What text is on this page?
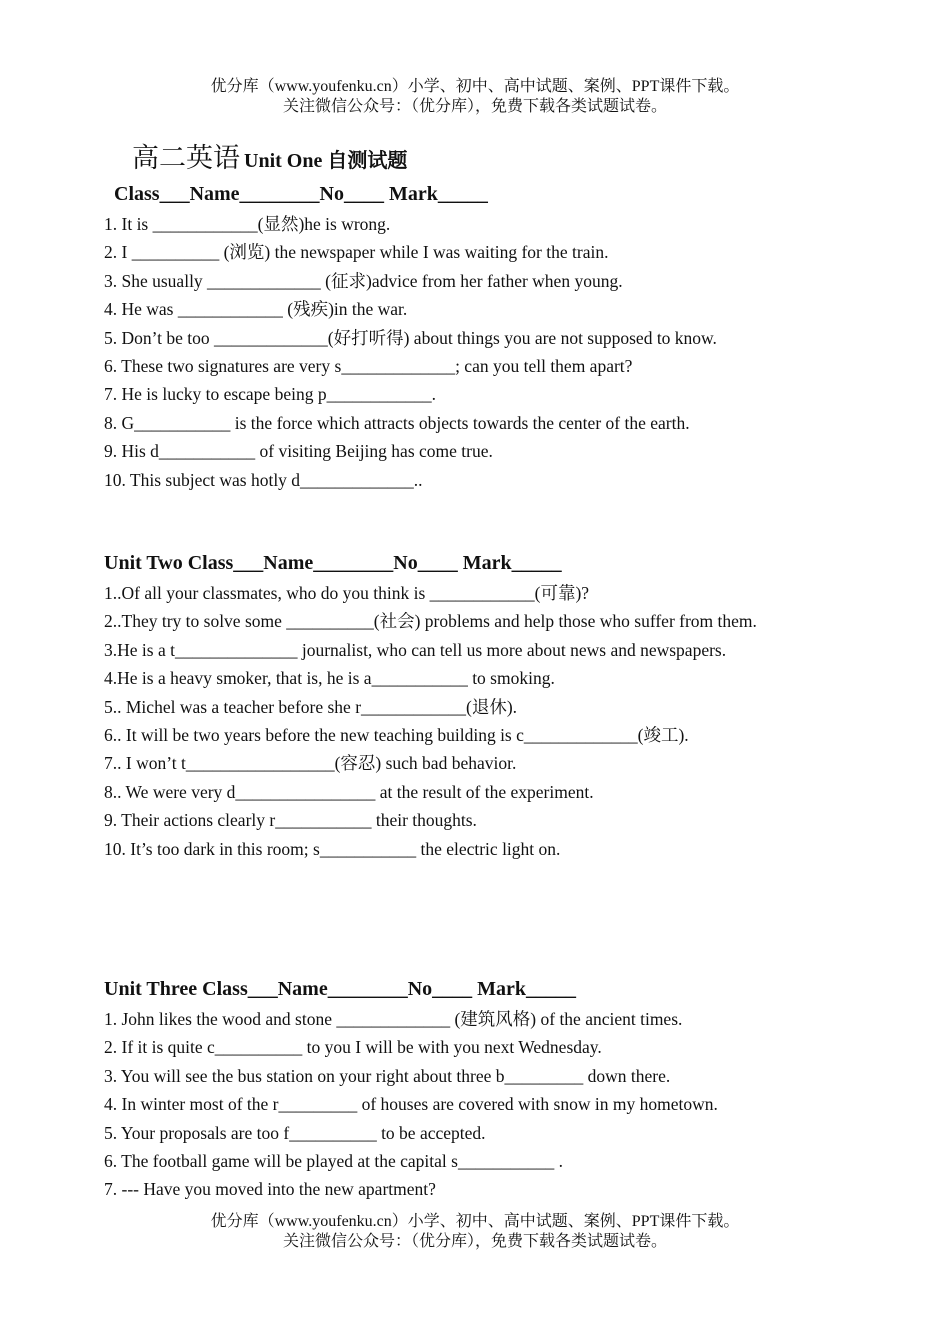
优分库（www.youfenku.cn）小学、初中、高中试题、案例、PPT课件下载。
关注微信公众号：（优分库），免费下载各类试题试卷。
高二英语 Unit One 自测试题
Class___Name________No____ Mark_____
1. It is ____________(显然)he is wrong.
2. I __________ (浏览) the newspaper while I was waiting for the train.
3. She usually _____________ (征求)advice from her father when young.
4. He was ____________ (残疾)in the war.
5. Don’t be too _____________(好打听得) about things you are not supposed to know.
6. These two signatures are very s_____________; can you tell them apart?
7. He is lucky to escape being p____________.
8. G___________ is the force which attracts objects towards the center of the earth.
9. His d___________ of visiting Beijing has come true.
10. This subject was hotly d_____________..
Unit Two Class___Name________No____ Mark_____
1..Of all your classmates, who do you think is ____________(可靠)?
2..They try to solve some __________(社会) problems and help those who suffer from them.
3.He is a t______________ journalist, who can tell us more about news and newspapers.
4.He is a heavy smoker, that is, he is a___________ to smoking.
5.. Michel was a teacher before she r____________(退休).
6.. It will be two years before the new teaching building is c_____________(竣工).
7.. I won’t t_________________(容忍) such bad behavior.
8.. We were very d________________ at the result of the experiment.
9. Their actions clearly r___________ their thoughts.
10. It’s too dark in this room; s___________ the electric light on.
Unit Three Class___Name________No____ Mark_____
1. John likes the wood and stone _____________ (建筑风格) of the ancient times.
2. If it is quite c__________ to you I will be with you next Wednesday.
3. You will see the bus station on your right about three b_________ down there.
4. In winter most of the r_________ of houses are covered with snow in my hometown.
5. Your proposals are too f__________ to be accepted.
6. The football game will be played at the capital s___________ .
7. --- Have you moved into the new apartment?
优分库（www.youfenku.cn）小学、初中、高中试题、案例、PPT课件下载。
关注微信公众号：（优分库），免费下载各类试题试卷。
